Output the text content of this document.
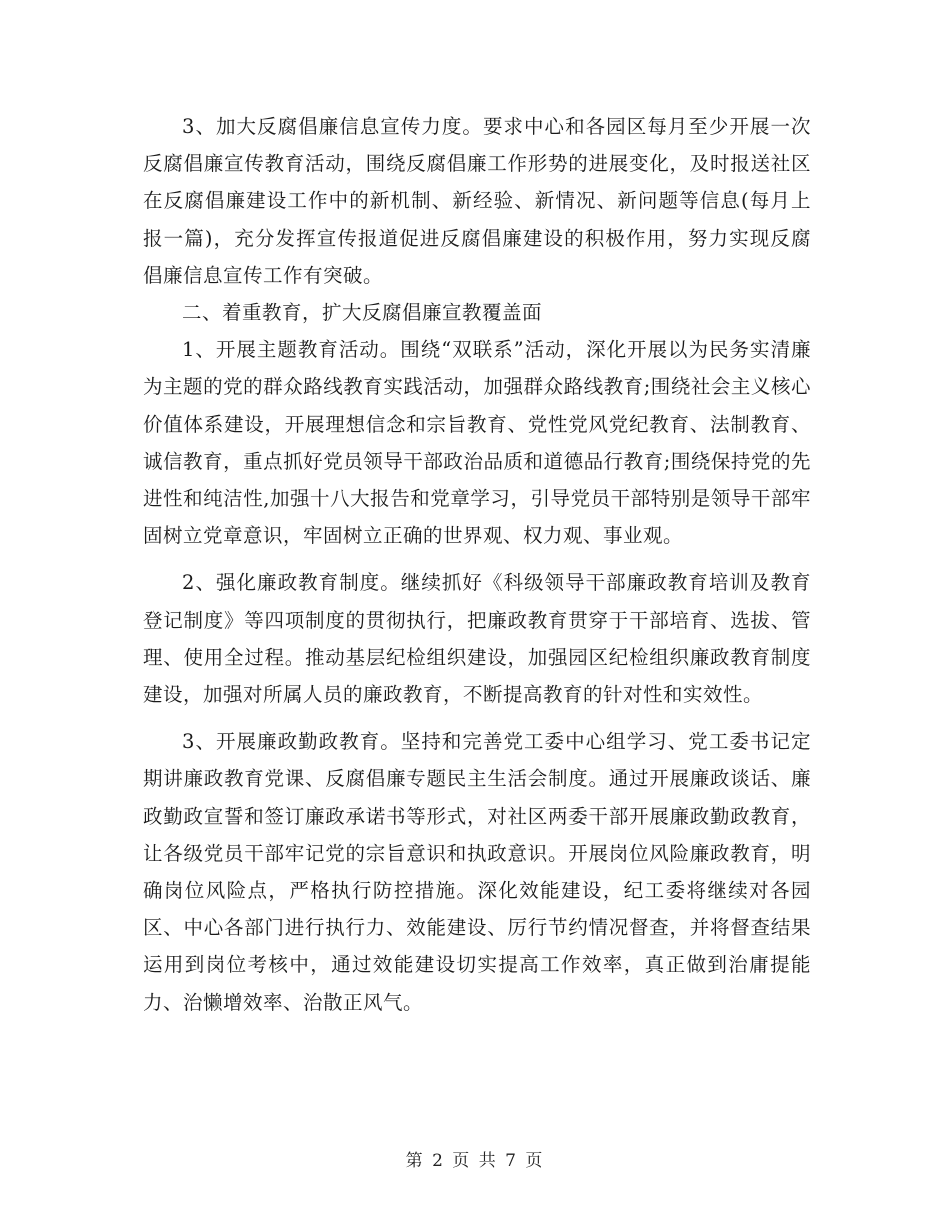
3、加大反腐倡廉信息宣传力度。要求中心和各园区每月至少开展一次反腐倡廉宣传教育活动，围绕反腐倡廉工作形势的进展变化，及时报送社区在反腐倡廉建设工作中的新机制、新经验、新情况、新问题等信息(每月上报一篇)，充分发挥宣传报道促进反腐倡廉建设的积极作用，努力实现反腐倡廉信息宣传工作有突破。

二、着重教育，扩大反腐倡廉宣教覆盖面

1、开展主题教育活动。围绕“双联系”活动，深化开展以为民务实清廉为主题的党的群众路线教育实践活动，加强群众路线教育;围绕社会主义核心价值体系建设，开展理想信念和宗旨教育、党性党风党纪教育、法制教育、诚信教育，重点抓好党员领导干部政治品质和道德品行教育;围绕保持党的先进性和纯洁性,加强十八大报告和党章学习，引导党员干部特别是领导干部牢固树立党章意识，牢固树立正确的世界观、权力观、事业观。

2、强化廉政教育制度。继续抓好《科级领导干部廉政教育培训及教育登记制度》等四项制度的贯彻执行，把廉政教育贯穿于干部培育、选拔、管理、使用全过程。推动基层纪检组织建设，加强园区纪检组织廉政教育制度建设，加强对所属人员的廉政教育，不断提高教育的针对性和实效性。

3、开展廉政勤政教育。坚持和完善党工委中心组学习、党工委书记定期讲廉政教育党课、反腐倡廉专题民主生活会制度。通过开展廉政谈话、廉政勤政宣誓和签订廉政承诺书等形式，对社区两委干部开展廉政勤政教育，让各级党员干部牢记党的宗旨意识和执政意识。开展岗位风险廉政教育，明确岗位风险点，严格执行防控措施。深化效能建设，纪工委将继续对各园区、中心各部门进行执行力、效能建设、厉行节约情况督查，并将督查结果运用到岗位考核中，通过效能建设切实提高工作效率，真正做到治庸提能力、治懒增效率、治散正风气。

第 2 页 共 7 页
